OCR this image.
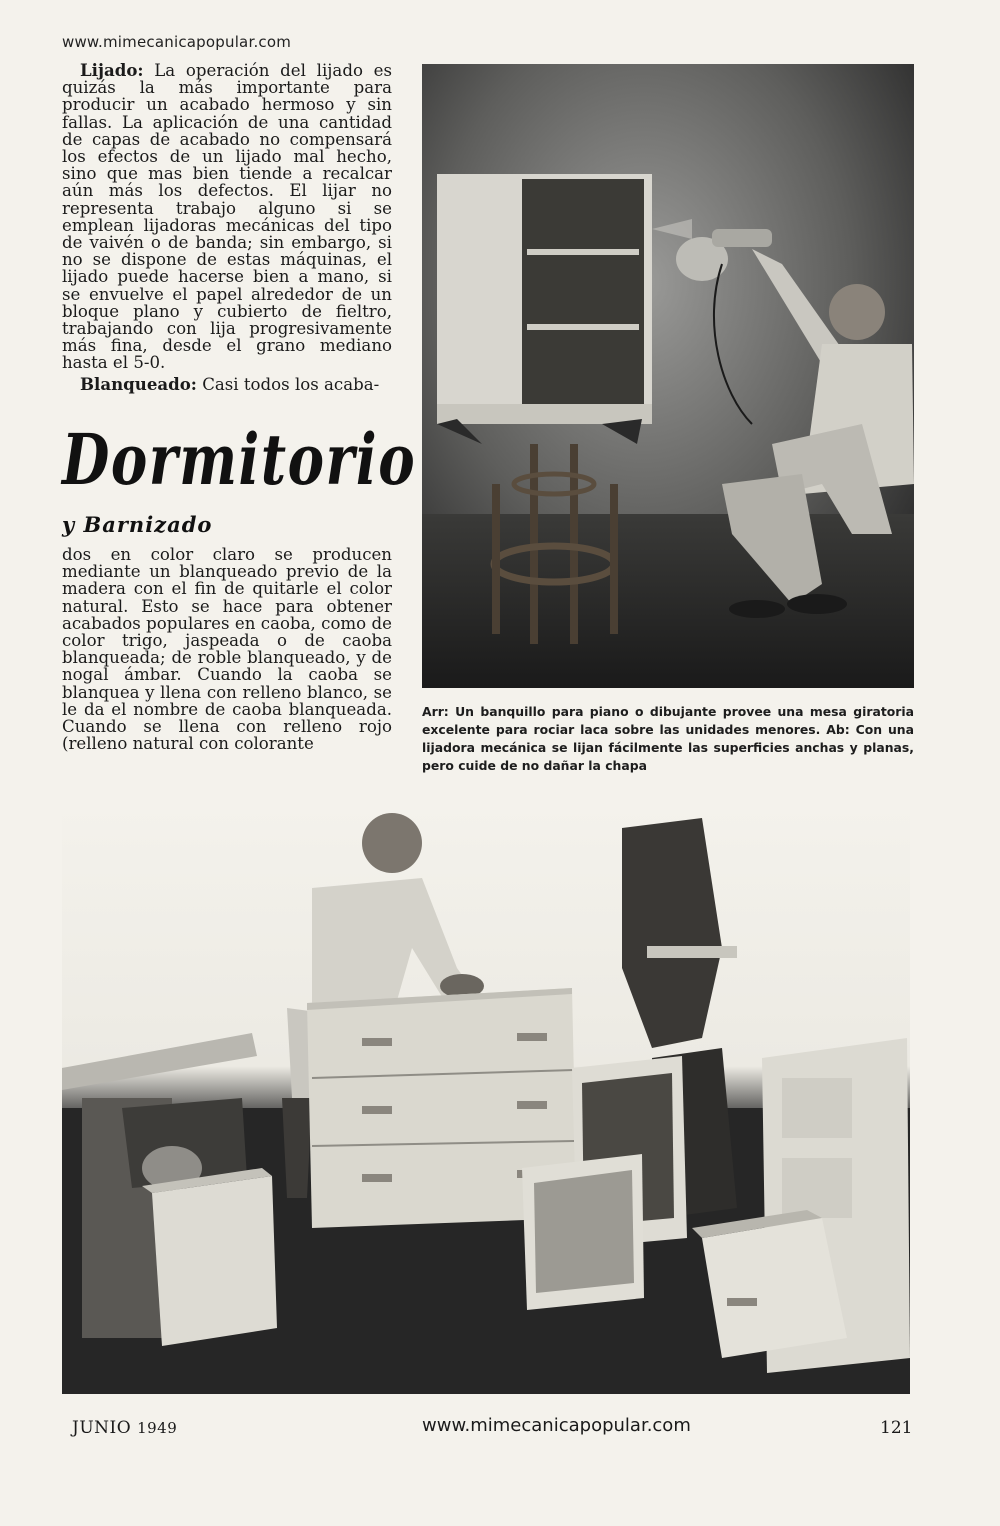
www.mimecanicapopular.com

Lijado: La operación del lijado es quizás la más importante para producir un acabado hermoso y sin fallas. La aplicación de una cantidad de capas de acabado no compensará los efectos de un lijado mal hecho, sino que mas bien tiende a recalcar aún más los defectos. El lijar no representa trabajo alguno si se emplean lijadoras mecánicas del tipo de vaivén o de banda; sin embargo, si no se dispone de estas máquinas, el lijado puede hacerse bien a mano, si se envuelve el papel alrededor de un bloque plano y cubierto de fieltro, trabajando con lija progresivamente más fina, desde el grano mediano hasta el 5-0.

Blanqueado: Casi todos los acaba-

Dormitorio
y Barnizado

dos en color claro se producen mediante un blanqueado previo de la madera con el fin de quitarle el color natural. Esto se hace para obtener acabados populares en caoba, como de color trigo, jaspeada o de caoba blanqueada; de roble blanqueado, y de nogal ámbar. Cuando la caoba se blanquea y llena con relleno blanco, se le da el nombre de caoba blanqueada. Cuando se llena con relleno rojo (relleno natural con colorante

Arr: Un banquillo para piano o dibujante provee una mesa giratoria excelente para rociar laca sobre las unidades menores. Ab: Con una lijadora mecánica se lijan fácilmente las superficies anchas y planas, pero cuide de no dañar la chapa
JUNIO 1949	www.mimecanicapopular.com	121
